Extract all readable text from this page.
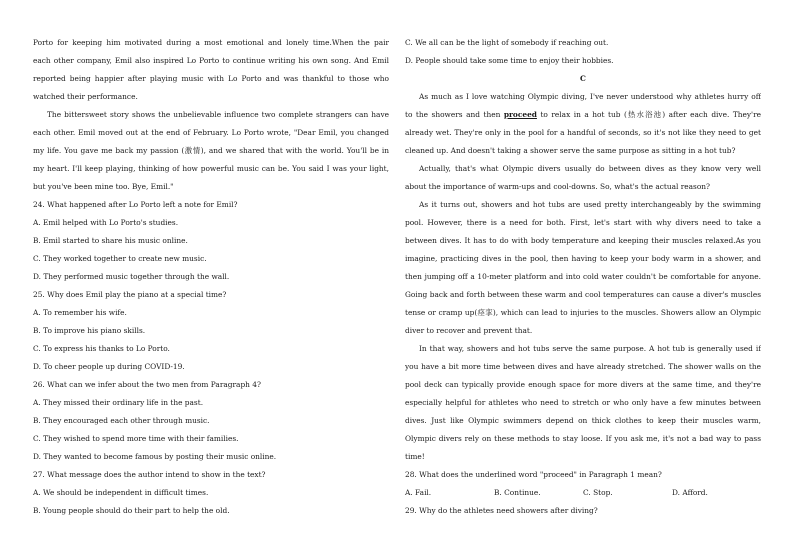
Porto for keeping him motivated during a most emotional and lonely time.When the pair
each other company, Emil also inspired Lo Porto to continue writing his own song. And Emil
reported being happier after playing music with Lo Porto and was thankful to those who
watched their performance.
The bittersweet story shows the unbelievable influence two complete strangers can have
each other. Emil moved out at the end of February. Lo Porto wrote, "Dear Emil, you changed
my life. You gave me back my passion (激情), and we shared that with the world. You'll be in
my heart. I'll keep playing, thinking of how powerful music can be. You said I was your light,
but you've been mine too. Bye, Emil."
24. What happened after Lo Porto left a note for Emil?
A. Emil helped with Lo Porto's studies.
B. Emil started to share his music online.
C. They worked together to create new music.
D. They performed music together through the wall.
25. Why does Emil play the piano at a special time?
A. To remember his wife.
B. To improve his piano skills.
C. To express his thanks to Lo Porto.
D. To cheer people up during COVID-19.
26. What can we infer about the two men from Paragraph 4?
A. They missed their ordinary life in the past.
B. They encouraged each other through music.
C. They wished to spend more time with their families.
D. They wanted to become famous by posting their music online.
27. What message does the author intend to show in the text?
A. We should be independent in difficult times.
B. Young people should do their part to help the old.
C. We all can be the light of somebody if reaching out.
D. People should take some time to enjoy their hobbies.
C
As much as I love watching Olympic diving, I've never understood why athletes hurry off
to the showers and then proceed to relax in a hot tub (热水浴池) after each dive. They're
already wet. They're only in the pool for a handful of seconds, so it's not like they need to get
cleaned up. And doesn't taking a shower serve the same purpose as sitting in a hot tub?
Actually, that's what Olympic divers usually do between dives as they know very well
about the importance of warm-ups and cool-downs. So, what's the actual reason?
As it turns out, showers and hot tubs are used pretty interchangeably by the swimming
pool. However, there is a need for both. First, let's start with why divers need to take a
between dives. It has to do with body temperature and keeping their muscles relaxed.As you
imagine, practicing dives in the pool, then having to keep your body warm in a shower, and
then jumping off a 10-meter platform and into cold water couldn't be comfortable for anyone.
Going back and forth between these warm and cool temperatures can cause a diver's muscles
tense or cramp up(痉挛), which can lead to injuries to the muscles. Showers allow an Olympic
diver to recover and prevent that.
In that way, showers and hot tubs serve the same purpose. A hot tub is generally used if
you have a bit more time between dives and have already stretched. The shower walls on the
pool deck can typically provide enough space for more divers at the same time, and they're
especially helpful for athletes who need to stretch or who only have a few minutes between
dives. Just like Olympic swimmers depend on thick clothes to keep their muscles warm,
Olympic divers rely on these methods to stay loose. If you ask me, it's not a bad way to pass
time!
28. What does the underlined word "proceed" in Paragraph 1 mean?
A. Fail.	B. Continue.	C. Stop.	D. Afford.
29. Why do the athletes need showers after diving?
